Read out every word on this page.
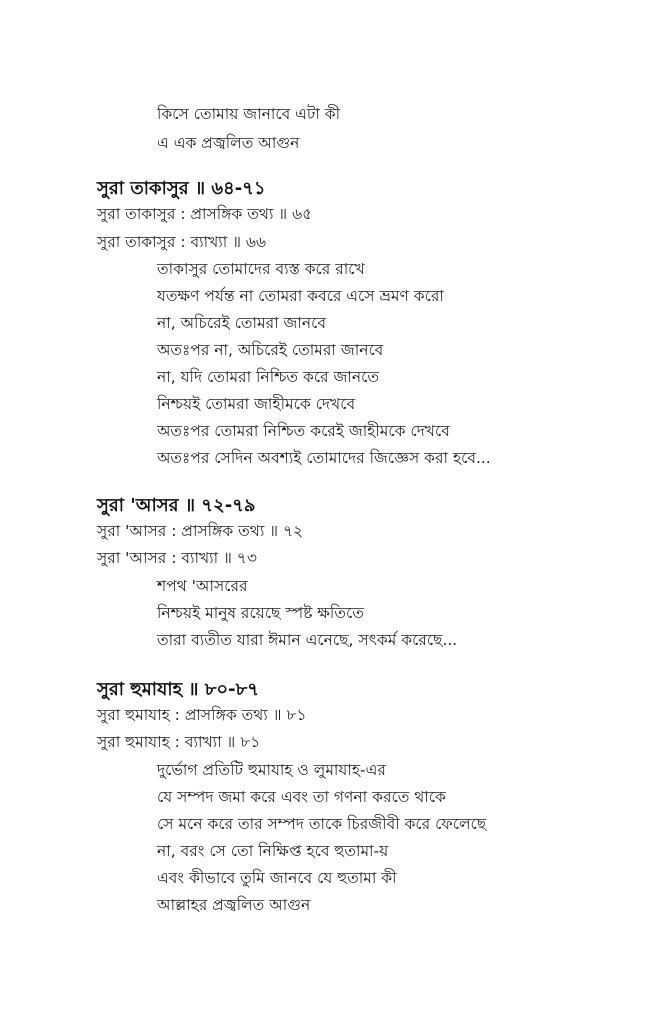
কিসে তোমায় জানাবে এটা কী
এ এক প্রজ্বলিত আগুন
সুরা তাকাসুর ॥ ৬৪-৭১
সুরা তাকাসুর : প্রাসঙ্গিক তথ্য ॥ ৬৫
সুরা তাকাসুর : ব্যাখ্যা ॥ ৬৬
তাকাসুর তোমাদের ব্যস্ত করে রাখে
যতক্ষণ পর্যন্ত না তোমরা কবরে এসে ভ্রমণ করো
না, অচিরেই তোমরা জানবে
অতঃপর না, অচিরেই তোমরা জানবে
না, যদি তোমরা নিশ্চিত করে জানতে
নিশ্চয়ই তোমরা জাহীমকে দেখবে
অতঃপর তোমরা নিশ্চিত করেই জাহীমকে দেখবে
অতঃপর সেদিন অবশ্যই তোমাদের জিজ্ঞেস করা হবে...
সুরা 'আসর ॥ ৭২-৭৯
সুরা 'আসর : প্রাসঙ্গিক তথ্য ॥ ৭২
সুরা 'আসর : ব্যাখ্যা ॥ ৭৩
শপথ 'আসরের
নিশ্চয়ই মানুষ রয়েছে স্পষ্ট ক্ষতিতে
তারা ব্যতীত যারা ঈমান এনেছে, সৎকর্ম করেছে...
সুরা হুমাযাহ ॥ ৮০-৮৭
সুরা হুমাযাহ : প্রাসঙ্গিক তথ্য ॥ ৮১
সুরা হুমাযাহ : ব্যাখ্যা ॥ ৮১
দুর্ভোগ প্রতিটি হুমাযাহ ও লুমাযাহ-এর
যে সম্পদ জমা করে এবং তা গণনা করতে থাকে
সে মনে করে তার সম্পদ তাকে চিরজীবী করে ফেলেছে
না, বরং সে তো নিক্ষিপ্ত হবে হুতামা-য়
এবং কীভাবে তুমি জানবে যে হুতামা কী
আল্লাহর প্রজ্বলিত আগুন
